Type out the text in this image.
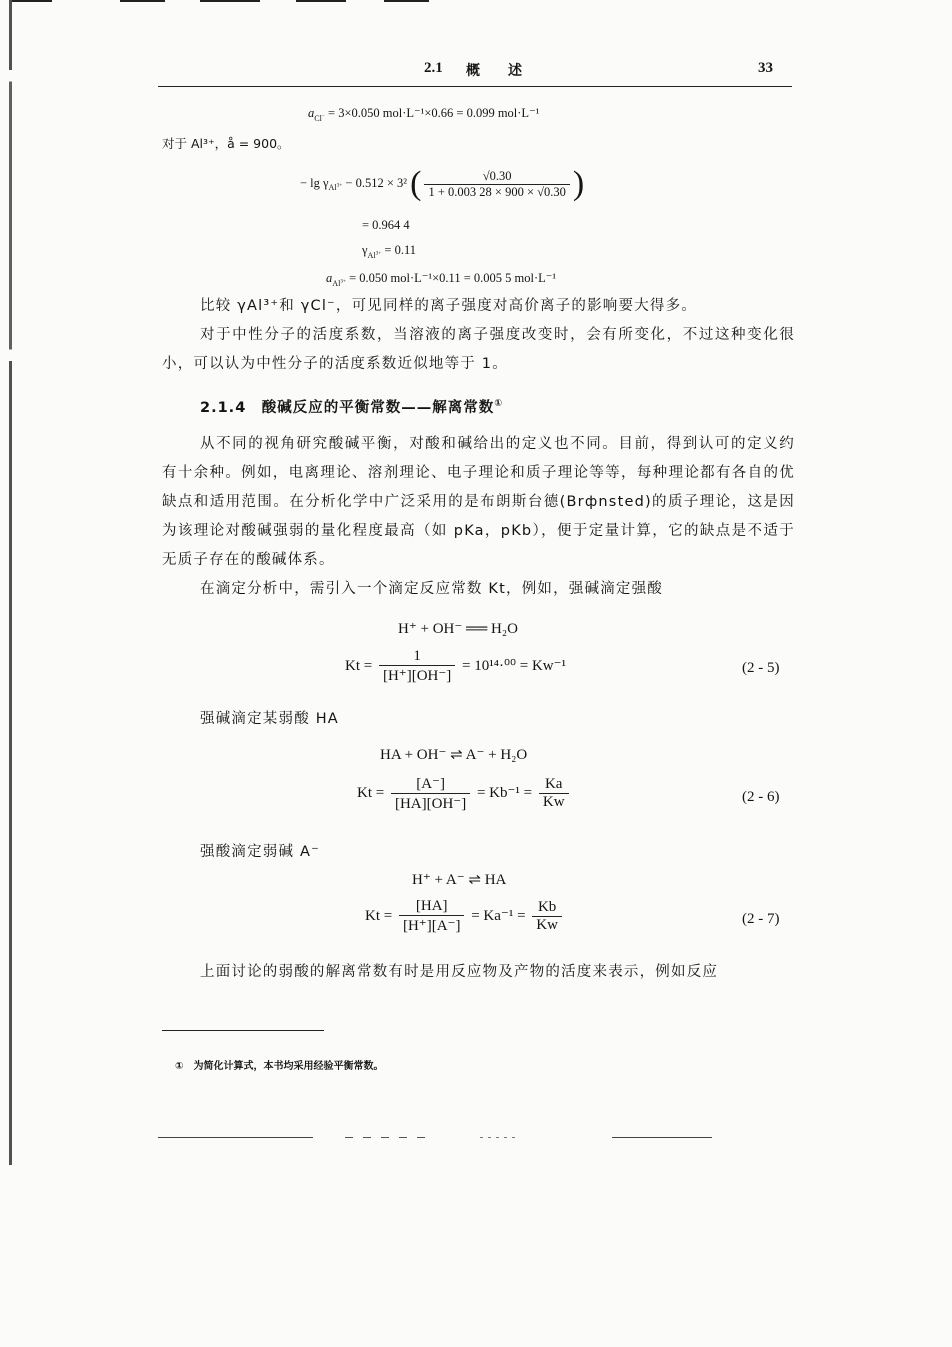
2.1 概　　述	33
$a_{Cl^-} = 3\times 0.050$ mol·L⁻¹×0.66 = 0.099 mol·L⁻¹
对于 Al³⁺，å = 900。
− $\lg \gamma_{Al^{3+}} - 0.512 \times 3^2$ ( $\frac{√0.30}{1 + 0.003 28 \times 900 \times √0.30}$ )
= 0.964 4
$\gamma_{Al^{3+}} = 0.11$
$a_{Al^{3+}} = 0.050$ mol·L⁻¹×0.11 = 0.005 5 mol·L⁻¹
比较 γAl³⁺和 γCl⁻，可见同样的离子强度对高价离子的影响要大得多。
对于中性分子的活度系数，当溶液的离子强度改变时，会有所变化，不过这种变化很小，可以认为中性分子的活度系数近似地等于 1。
2.1.4　酸碱反应的平衡常数——解离常数①
从不同的视角研究酸碱平衡，对酸和碱给出的定义也不同。目前，得到认可的定义约有十余种。例如，电离理论、溶剂理论、电子理论和质子理论等等，每种理论都有各自的优缺点和适用范围。在分析化学中广泛采用的是布朗斯台德(Brфnsted)的质子理论，这是因为该理论对酸碱强弱的量化程度最高（如 pKa，pKb），便于定量计算，它的缺点是不适于无质子存在的酸碱体系。
在滴定分析中，需引入一个滴定反应常数 Kt，例如，强碱滴定强酸
H⁺ + OH⁻ ══ H₂O
$Kt = \frac{1}{[H^+][OH^-]} = 10^{14}\cdot^{00} = Kw^{-1}$	(2 - 5)
强碱滴定某弱酸 HA
HA + OH⁻ ⇌ A⁻ + H₂O
$Kt = \frac{[A^-]}{[HA][OH^-]} = Kb^{-1} = \frac{Ka}{Kw}$	(2 - 6)
强酸滴定弱碱 A⁻
H⁺ + A⁻ ⇌ HA
$Kt = \frac{[HA]}{[H^+][A^-]} = Ka^{-1} = \frac{Kb}{Kw}$	(2 - 7)
上面讨论的弱酸的解离常数有时是用反应物及产物的活度来表示，例如反应
①　为简化计算式，本书均采用经验平衡常数。
